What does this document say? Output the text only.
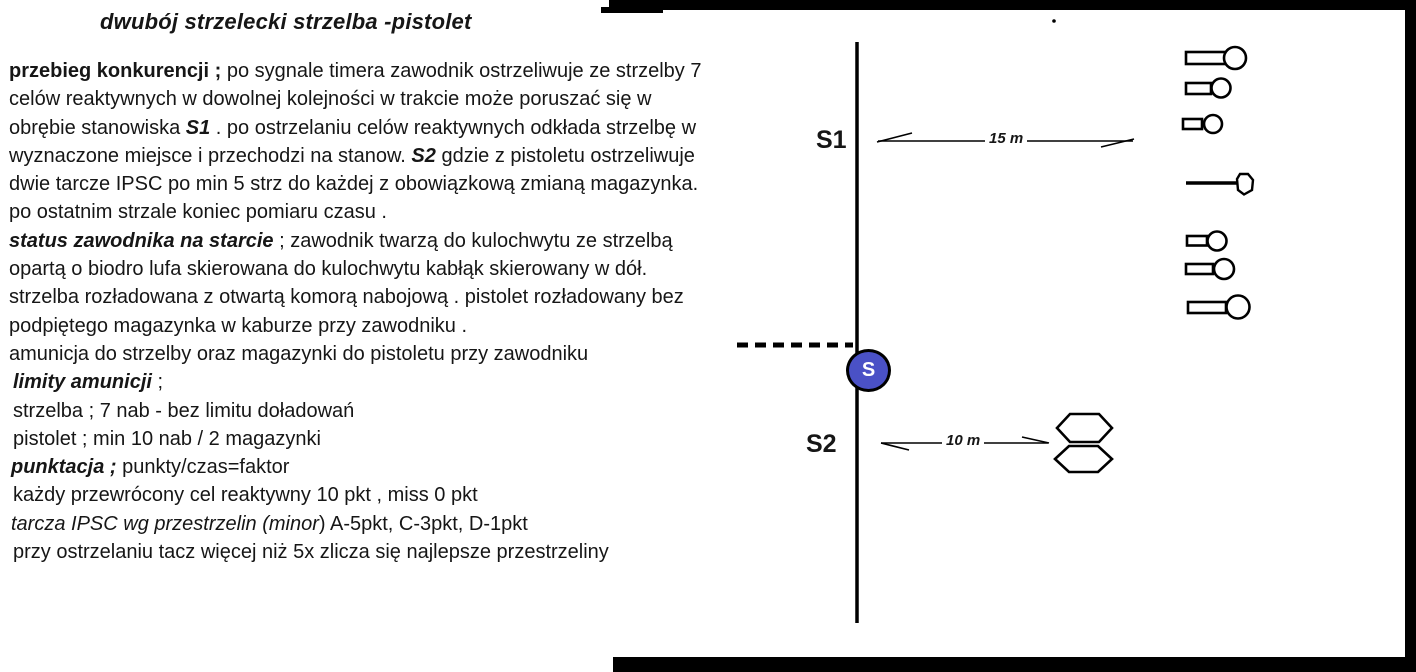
dwubój strzelecki strzelba -pistolet
przebieg konkurencji ; po sygnale timera zawodnik ostrzeliwuje ze strzelby 7
celów reaktywnych w dowolnej kolejności w trakcie może poruszać się w
obrębie stanowiska S1 . po ostrzelaniu celów reaktywnych odkłada strzelbę w
wyznaczone miejsce i przechodzi na stanow. S2 gdzie z pistoletu ostrzeliwuje
dwie tarcze IPSC po min 5 strz do każdej z obowiązkową zmianą magazynka.
po ostatnim strzale koniec pomiaru czasu .
status zawodnika na starcie ; zawodnik twarzą do kulochwytu ze strzelbą
opartą o biodro lufa skierowana do kulochwytu kabłąk skierowany w dół.
strzelba rozładowana z otwartą komorą nabojową . pistolet rozładowany bez
podpiętego magazynka w kaburze przy zawodniku .
amunicja do strzelby oraz magazynki do pistoletu przy zawodniku
limity amunicji ;
strzelba ; 7 nab - bez limitu doładowań
pistolet ; min 10 nab / 2 magazynki
punktacja ; punkty/czas=faktor
każdy przewrócony cel reaktywny 10 pkt , miss 0 pkt
tarcza IPSC wg przestrzelin (minor) A-5pkt, C-3pkt, D-1pkt
przy ostrzelaniu tacz więcej niż 5x zlicza się najlepsze przestrzeliny
S1
S2
15 m
10 m
S
